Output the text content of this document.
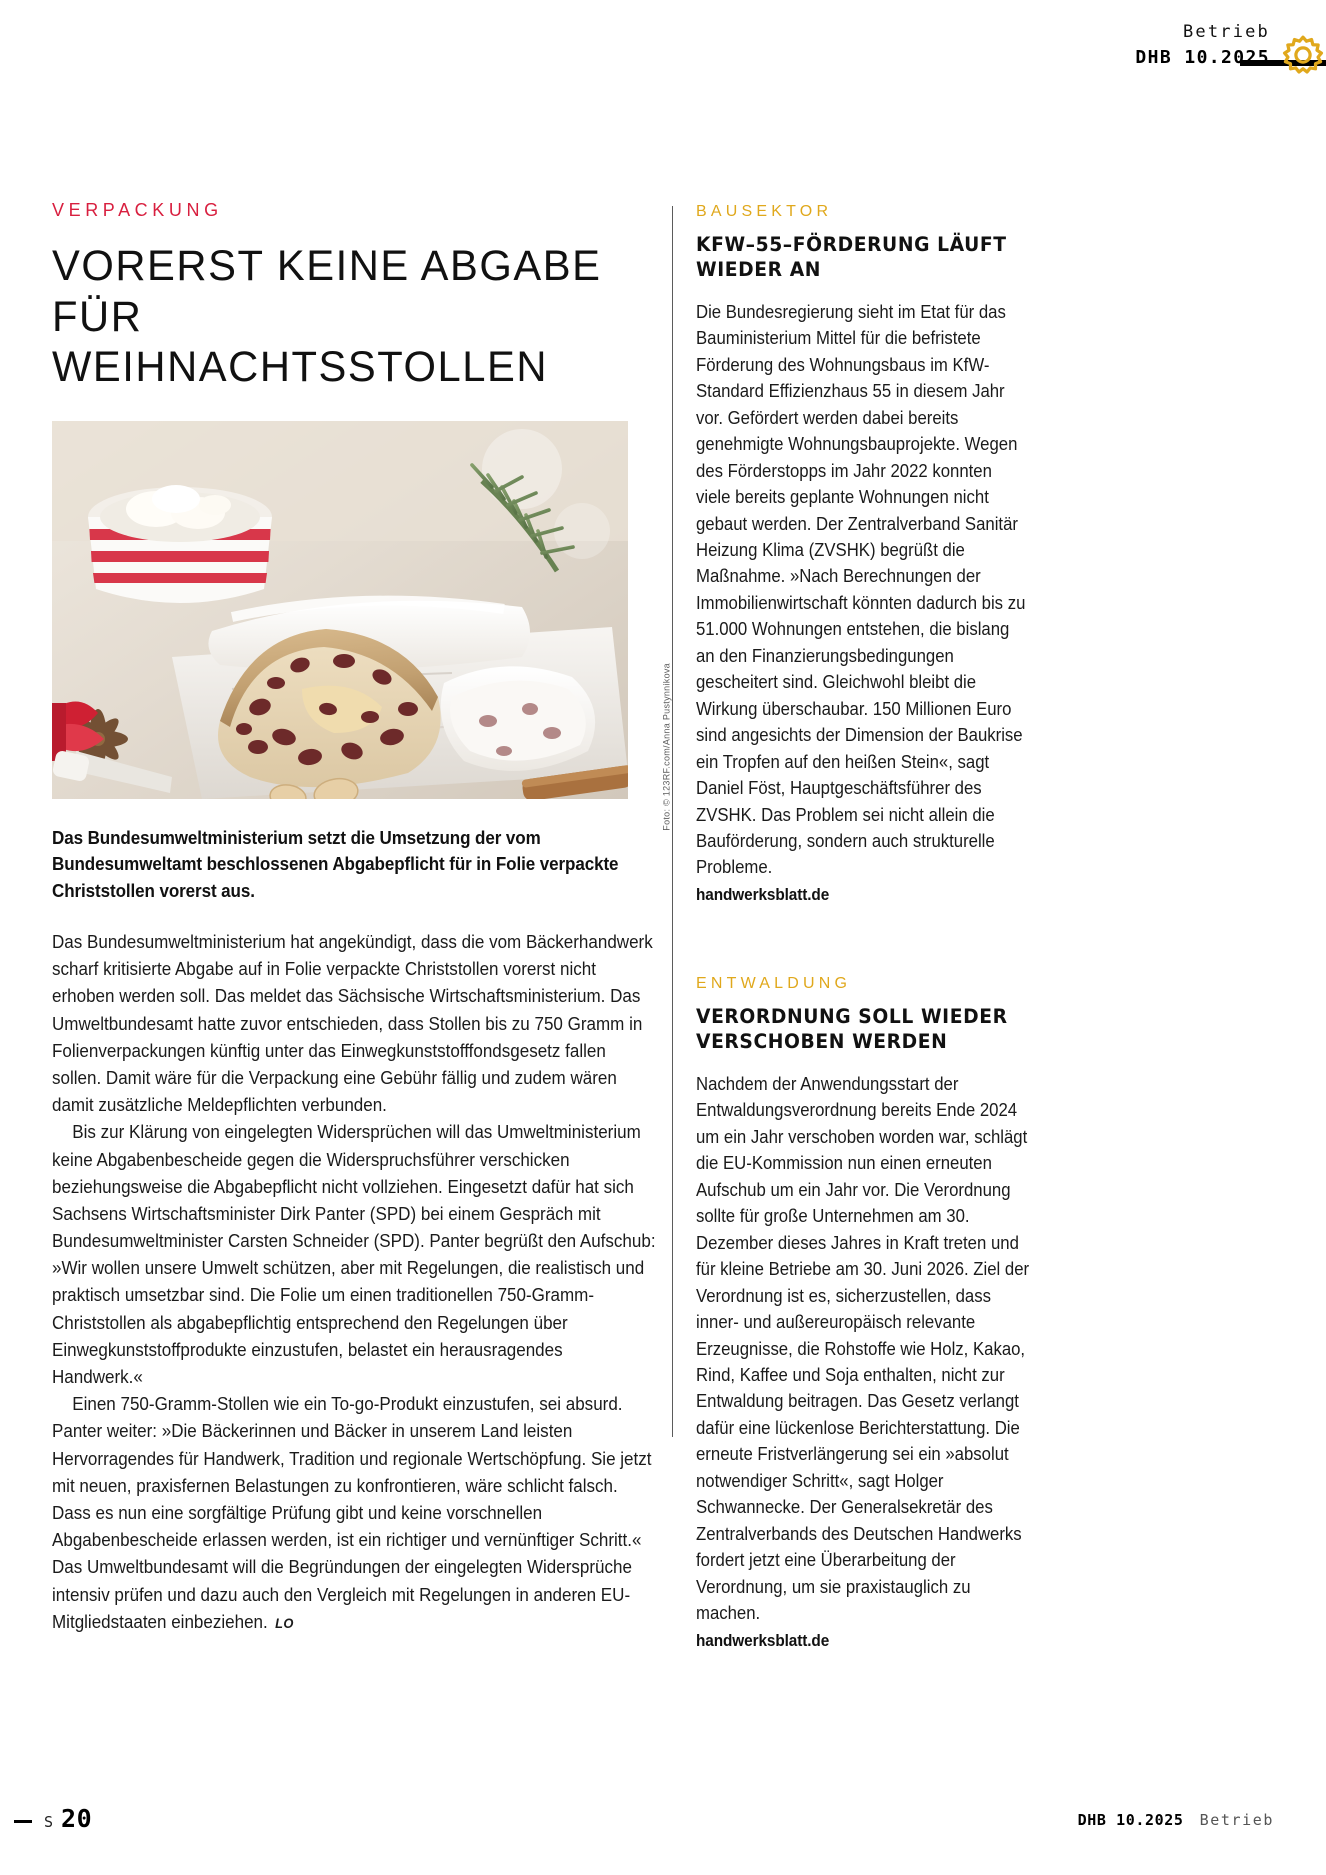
Betrieb
DHB 10.2025
VERPACKUNG
VORERST KEINE ABGABE
FÜR WEIHNACHTSSTOLLEN
Foto: © 123RF.com/Anna Pustynnikova

Das Bundesumweltministerium setzt die Umsetzung der vom Bundesumweltamt beschlossenen Abgabepflicht für in Folie verpackte Christstollen vorerst aus.

Das Bundesumweltministerium hat angekündigt, dass die vom Bäckerhandwerk scharf kritisierte Abgabe auf in Folie verpackte Christstollen vorerst nicht erhoben werden soll. Das meldet das Sächsische Wirtschaftsministerium. Das Umweltbundesamt hatte zuvor entschieden, dass Stollen bis zu 750 Gramm in Folienverpackungen künftig unter das Einwegkunststofffondsgesetz fallen sollen. Damit wäre für die Verpackung eine Gebühr fällig und zudem wären damit zusätzliche Meldepflichten verbunden.

Bis zur Klärung von eingelegten Widersprüchen will das Umweltministerium keine Abgabenbescheide gegen die Widerspruchsführer verschicken beziehungsweise die Abgabepflicht nicht vollziehen. Eingesetzt dafür hat sich Sachsens Wirtschaftsminister Dirk Panter (SPD) bei einem Gespräch mit Bundesumweltminister Carsten Schneider (SPD). Panter begrüßt den Aufschub: »Wir wollen unsere Umwelt schützen, aber mit Regelungen, die realistisch und praktisch umsetzbar sind. Die Folie um einen traditionellen 750-Gramm-Christstollen als abgabepflichtig entsprechend den Regelungen über Einwegkunststoffprodukte einzustufen, belastet ein herausragendes Handwerk.«

Einen 750-Gramm-Stollen wie ein To-go-Produkt einzustufen, sei absurd. Panter weiter: »Die Bäckerinnen und Bäcker in unserem Land leisten Hervorragendes für Handwerk, Tradition und regionale Wertschöpfung. Sie jetzt mit neuen, praxisfernen Belastungen zu konfrontieren, wäre schlicht falsch. Dass es nun eine sorgfältige Prüfung gibt und keine vorschnellen Abgabenbescheide erlassen werden, ist ein richtiger und vernünftiger Schritt.« Das Umweltbundesamt will die Begründungen der eingelegten Widersprüche intensiv prüfen und dazu auch den Vergleich mit Regelungen in anderen EU-Mitgliedstaaten einbeziehen. LO

BAUSEKTOR
KFW–55–FÖRDERUNG LÄUFT
WIEDER AN

Die Bundesregierung sieht im Etat für das Bauministerium Mittel für die befristete Förderung des Wohnungsbaus im KfW-Standard Effizienzhaus 55 in diesem Jahr vor. Gefördert werden dabei bereits genehmigte Wohnungsbauprojekte. Wegen des Förderstopps im Jahr 2022 konnten viele bereits geplante Wohnungen nicht gebaut werden. Der Zentralverband Sanitär Heizung Klima (ZVSHK) begrüßt die Maßnahme. »Nach Berechnungen der Immobilienwirtschaft könnten dadurch bis zu 51.000 Wohnungen entstehen, die bislang an den Finanzierungsbedingungen gescheitert sind. Gleichwohl bleibt die Wirkung überschaubar. 150 Millionen Euro sind angesichts der Dimension der Baukrise ein Tropfen auf den heißen Stein«, sagt Daniel Föst, Hauptgeschäftsführer des ZVSHK. Das Problem sei nicht allein die Bauförderung, sondern auch strukturelle Probleme.

handwerksblatt.de
ENTWALDUNG
VERORDNUNG SOLL WIEDER
VERSCHOBEN WERDEN

Nachdem der Anwendungsstart der Entwaldungsverordnung bereits Ende 2024 um ein Jahr verschoben worden war, schlägt die EU-Kommission nun einen erneuten Aufschub um ein Jahr vor. Die Verordnung sollte für große Unternehmen am 30. Dezember dieses Jahres in Kraft treten und für kleine Betriebe am 30. Juni 2026. Ziel der Verordnung ist es, sicherzustellen, dass inner- und außereuropäisch relevante Erzeugnisse, die Rohstoffe wie Holz, Kakao, Rind, Kaffee und Soja enthalten, nicht zur Entwaldung beitragen. Das Gesetz verlangt dafür eine lückenlose Berichterstattung. Die erneute Fristverlängerung sei ein »absolut notwendiger Schritt«, sagt Holger Schwannecke. Der Generalsekretär des Zentralverbands des Deutschen Handwerks fordert jetzt eine Überarbeitung der Verordnung, um sie praxistauglich zu machen.

handwerksblatt.de
S 20	DHB 10.2025 Betrieb
